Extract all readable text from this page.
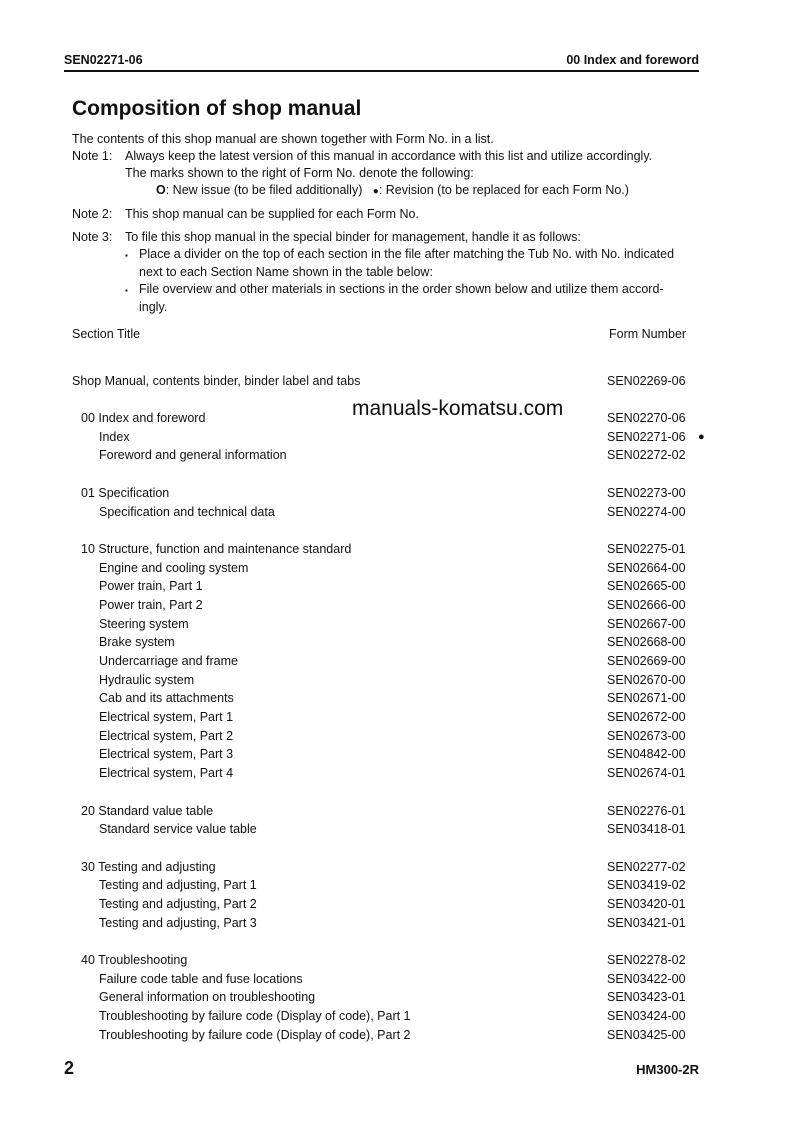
SEN02271-06	00 Index and foreword
Composition of shop manual
The contents of this shop manual are shown together with Form No. in a list.
Note 1: Always keep the latest version of this manual in accordance with this list and utilize accordingly.
The marks shown to the right of Form No. denote the following:
O: New issue (to be filed additionally) ●: Revision (to be replaced for each Form No.)
Note 2: This shop manual can be supplied for each Form No.
Note 3: To file this shop manual in the special binder for management, handle it as follows:
▪ Place a divider on the top of each section in the file after matching the Tub No. with No. indicated
next to each Section Name shown in the table below:
▪ File overview and other materials in sections in the order shown below and utilize them accord-
ingly.
Section Title	Form Number
Shop Manual, contents binder, binder label and tabs	SEN02269-06
00 Index and foreword	SEN02270-06
Index	SEN02271-06 ●
Foreword and general information	SEN02272-02
01 Specification	SEN02273-00
Specification and technical data	SEN02274-00
10 Structure, function and maintenance standard	SEN02275-01
Engine and cooling system	SEN02664-00
Power train, Part 1	SEN02665-00
Power train, Part 2	SEN02666-00
Steering system	SEN02667-00
Brake system	SEN02668-00
Undercarriage and frame	SEN02669-00
Hydraulic system	SEN02670-00
Cab and its attachments	SEN02671-00
Electrical system, Part 1	SEN02672-00
Electrical system, Part 2	SEN02673-00
Electrical system, Part 3	SEN04842-00
Electrical system, Part 4	SEN02674-01
20 Standard value table	SEN02276-01
Standard service value table	SEN03418-01
30 Testing and adjusting	SEN02277-02
Testing and adjusting, Part 1	SEN03419-02
Testing and adjusting, Part 2	SEN03420-01
Testing and adjusting, Part 3	SEN03421-01
40 Troubleshooting	SEN02278-02
Failure code table and fuse locations	SEN03422-00
General information on troubleshooting	SEN03423-01
Troubleshooting by failure code (Display of code), Part 1	SEN03424-00
Troubleshooting by failure code (Display of code), Part 2	SEN03425-00
manuals-komatsu.com
2	HM300-2R
